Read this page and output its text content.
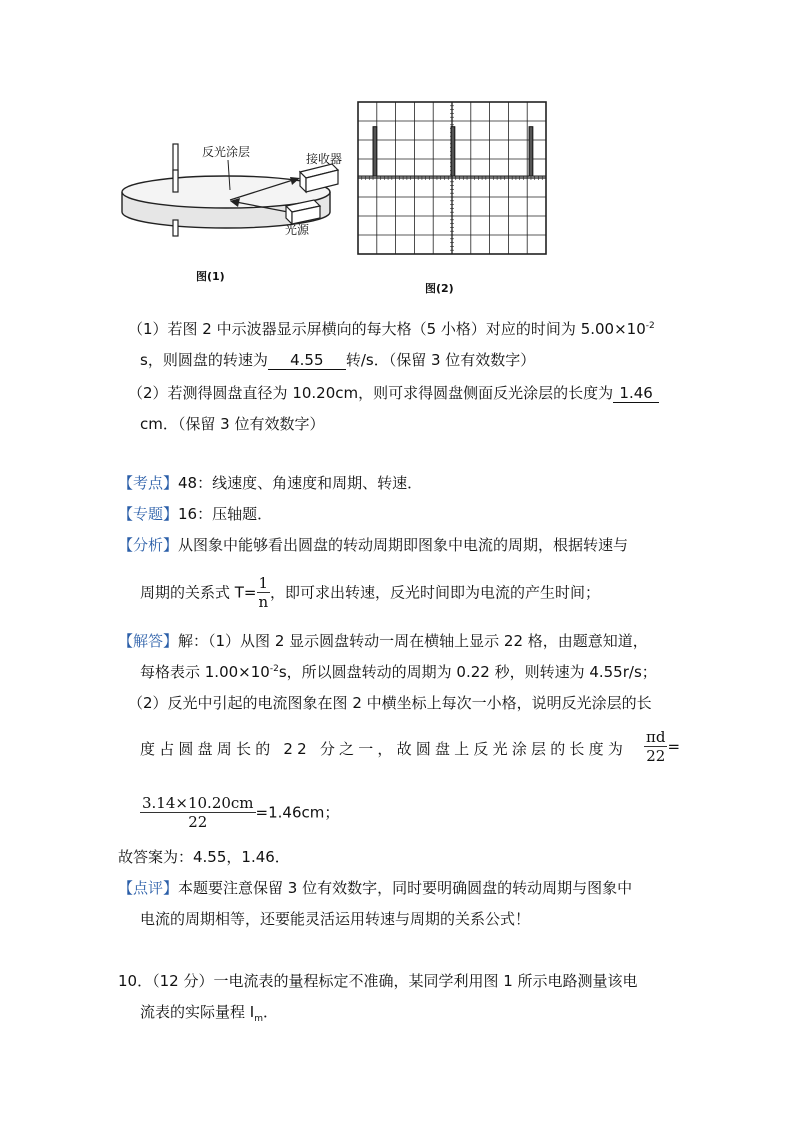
反光涂层	接收器
光源
图(1)
图(2)
（1）若图 2 中示波器显示屏横向的每大格（5 小格）对应的时间为 $5.00\times 10^{-2}$
s，则圆盘的转速为 4.55 转/s．（保留 3 位有效数字）
（2）若测得圆盘直径为 10.20cm，则可求得圆盘侧面反光涂层的长度为 1.46
cm．（保留 3 位有效数字）
【考点】48：线速度、角速度和周期、转速．
【专题】16：压轴题．
【分析】从图象中能够看出圆盘的转动周期即图象中电流的周期，根据转速与
周期的关系式 $T= \frac{1}{n}$ ，即可求出转速，反光时间即为电流的产生时间；
【解答】解：（1）从图 2 显示圆盘转动一周在横轴上显示 22 格，由题意知道，
每格表示 $1.00\times 10^{-2}s$，所以圆盘转动的周期为 0.22 秒，则转速为 4.55r/s；
（2）反光中引起的电流图象在图 2 中横坐标上每次一小格，说明反光涂层的长
度占圆盘周长的 22 分之一，故圆盘上反光涂层的长度为 $\frac{\pi d}{22}$ =
$\frac{3.14\times 10.20cm}{22} =1.46cm$；
故答案为：4.55，1.46．
【点评】本题要注意保留 3 位有效数字，同时要明确圆盘的转动周期与图象中
电流的周期相等，还要能灵活运用转速与周期的关系公式！
10．（12 分）一电流表的量程标定不准确，某同学利用图 1 所示电路测量该电
流表的实际量程 $I_m$．
